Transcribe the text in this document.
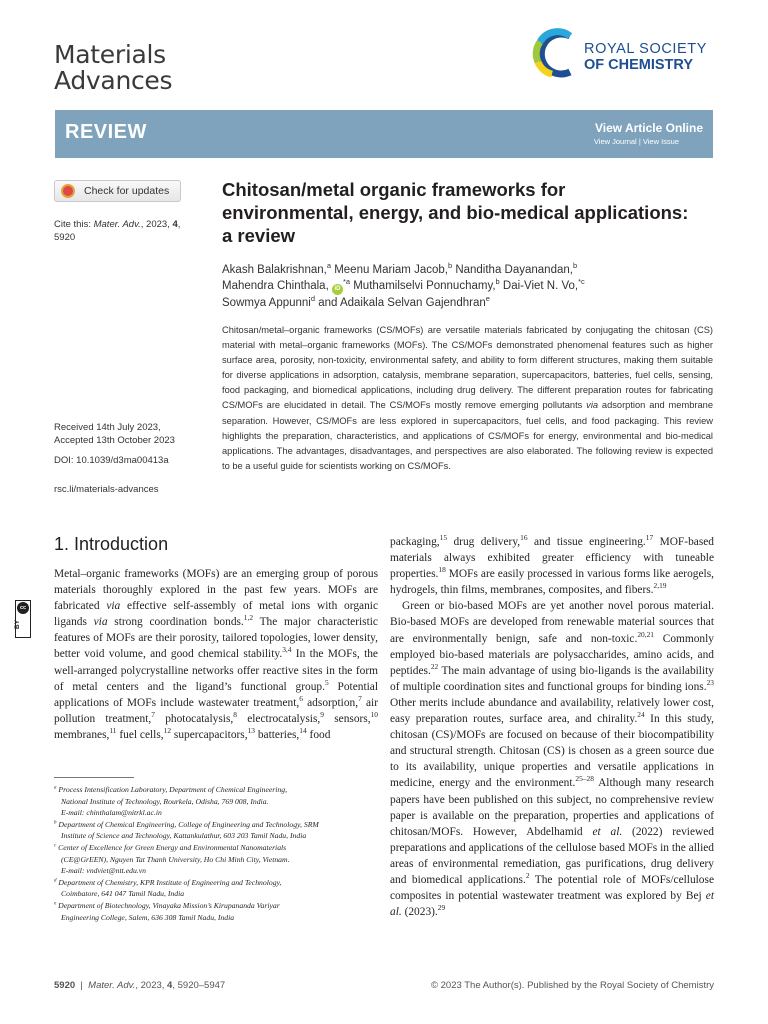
Materials
Advances
ROYAL SOCIETY
OF CHEMISTRY
REVIEW	View Article Online
View Journal | View Issue
Check for updates
Cite this: Mater. Adv., 2023, 4, 5920
Chitosan/metal organic frameworks for environmental, energy, and bio-medical applications: a review
Akash Balakrishnan,$^a$ Meenu Mariam Jacob,$^b$ Nanditha Dayanandan,$^b$
Mahendra Chinthala, $iD^{*a}$ Muthamilselvi Ponnuchamy,$^b$ Dai-Viet N. Vo,$^{*c}$
Sowmya Appunni$^d$ and Adaikala Selvan Gajendhran$^e$
Chitosan/metal–organic frameworks (CS/MOFs) are versatile materials fabricated by conjugating the chitosan (CS) material with metal–organic frameworks (MOFs). The CS/MOFs demonstrated phenomenal features such as higher surface area, porosity, non-toxicity, environmental safety, and ability to form different structures, making them suitable for diverse applications in adsorption, catalysis, membrane separation, supercapacitors, batteries, fuel cells, sensing, food packaging, and biomedical applications, including drug delivery. The different preparation routes for fabricating CS/MOFs are elucidated in detail. The CS/MOFs mostly remove emerging pollutants via adsorption and membrane separation. However, CS/MOFs are less explored in supercapacitors, fuel cells, and food packaging. This review highlights the preparation, characteristics, and applications of CS/MOFs for energy, environmental and bio-medical applications. The advantages, disadvantages, and perspectives are also elaborated. The following review is expected to be a useful guide for scientists working on CS/MOFs.
Received 14th July 2023,
Accepted 13th October 2023
DOI: 10.1039/d3ma00413a
rsc.li/materials-advances
cc
BY
1. Introduction

Metal–organic frameworks (MOFs) are an emerging group of porous materials thoroughly explored in the past few years. MOFs are fabricated via effective self-assembly of metal ions with organic ligands via strong coordination bonds.$^{1,2}$ The major characteristic features of MOFs are their porosity, tailored topologies, lower density, better void volume, and good chemical stability.$^{3,4}$ In the MOFs, the well-arranged polycrystalline networks offer reactive sites in the form of metal centers and the ligand’s functional group.$^5$ Potential applications of MOFs include wastewater treatment,$^6$ adsorption,$^7$ air pollution treatment,$^7$ photocatalysis,$^8$ electrocatalysis,$^9$ sensors,$^{10}$ membranes,$^{11}$ fuel cells,$^{12}$ supercapacitors,$^{13}$ batteries,$^{14}$ food

packaging,$^{15}$ drug delivery,$^{16}$ and tissue engineering.$^{17}$ MOF-based materials always exhibited greater efficiency with tuneable properties.$^{18}$ MOFs are easily processed in various forms like aerogels, hydrogels, thin films, membranes, composites, and fibers.$^{2,19}$

Green or bio-based MOFs are yet another novel porous material. Bio-based MOFs are developed from renewable material sources that are environmentally benign, safe and non-toxic.$^{20,21}$ Commonly employed bio-based materials are polysaccharides, amino acids, and peptides.$^{22}$ The main advantage of using bio-ligands is the availability of multiple coordination sites and functional groups for binding ions.$^{23}$ Other merits include abundance and availability, relatively lower cost, easy preparation routes, surface area, and chirality.$^{24}$ In this study, chitosan (CS)/MOFs are focused on because of their biocompatibility and structural strength. Chitosan (CS) is chosen as a green source due to its availability, unique properties and versatile applications in medicine, energy and the environment.$^{25-28}$ Although many research papers have been published on this subject, no comprehensive review paper is available on the preparation, properties and applications of chitosan/MOFs. However, Abdelhamid et al. (2022) reviewed preparations and applications of the cellulose based MOFs in the allied areas of environmental remediation, gas purifications, drug delivery and biomedical applications.$^2$ The potential role of MOFs/cellulose composites in potential wastewater treatment was explored by Bej et al. (2023).$^{29}$

$^a$ Process Intensification Laboratory, Department of Chemical Engineering,
National Institute of Technology, Rourkela, Odisha, 769 008, India.
E-mail: chinthalam@nitrkl.ac.in
$^b$ Department of Chemical Engineering, College of Engineering and Technology, SRM
Institute of Science and Technology, Kattankulathur, 603 203 Tamil Nadu, India
$^c$ Center of Excellence for Green Energy and Environmental Nanomaterials
(CE@GrEEN), Nguyen Tat Thanh University, Ho Chi Minh City, Vietnam.
E-mail: vndviet@ntt.edu.vn
$^d$ Department of Chemistry, KPR Institute of Engineering and Technology,
Coimbatore, 641 047 Tamil Nadu, India
$^e$ Department of Biotechnology, Vinayaka Mission’s Kirupananda Variyar
Engineering College, Salem, 636 308 Tamil Nadu, India
5920 | Mater. Adv., 2023, 4, 5920–5947	© 2023 The Author(s). Published by the Royal Society of Chemistry
